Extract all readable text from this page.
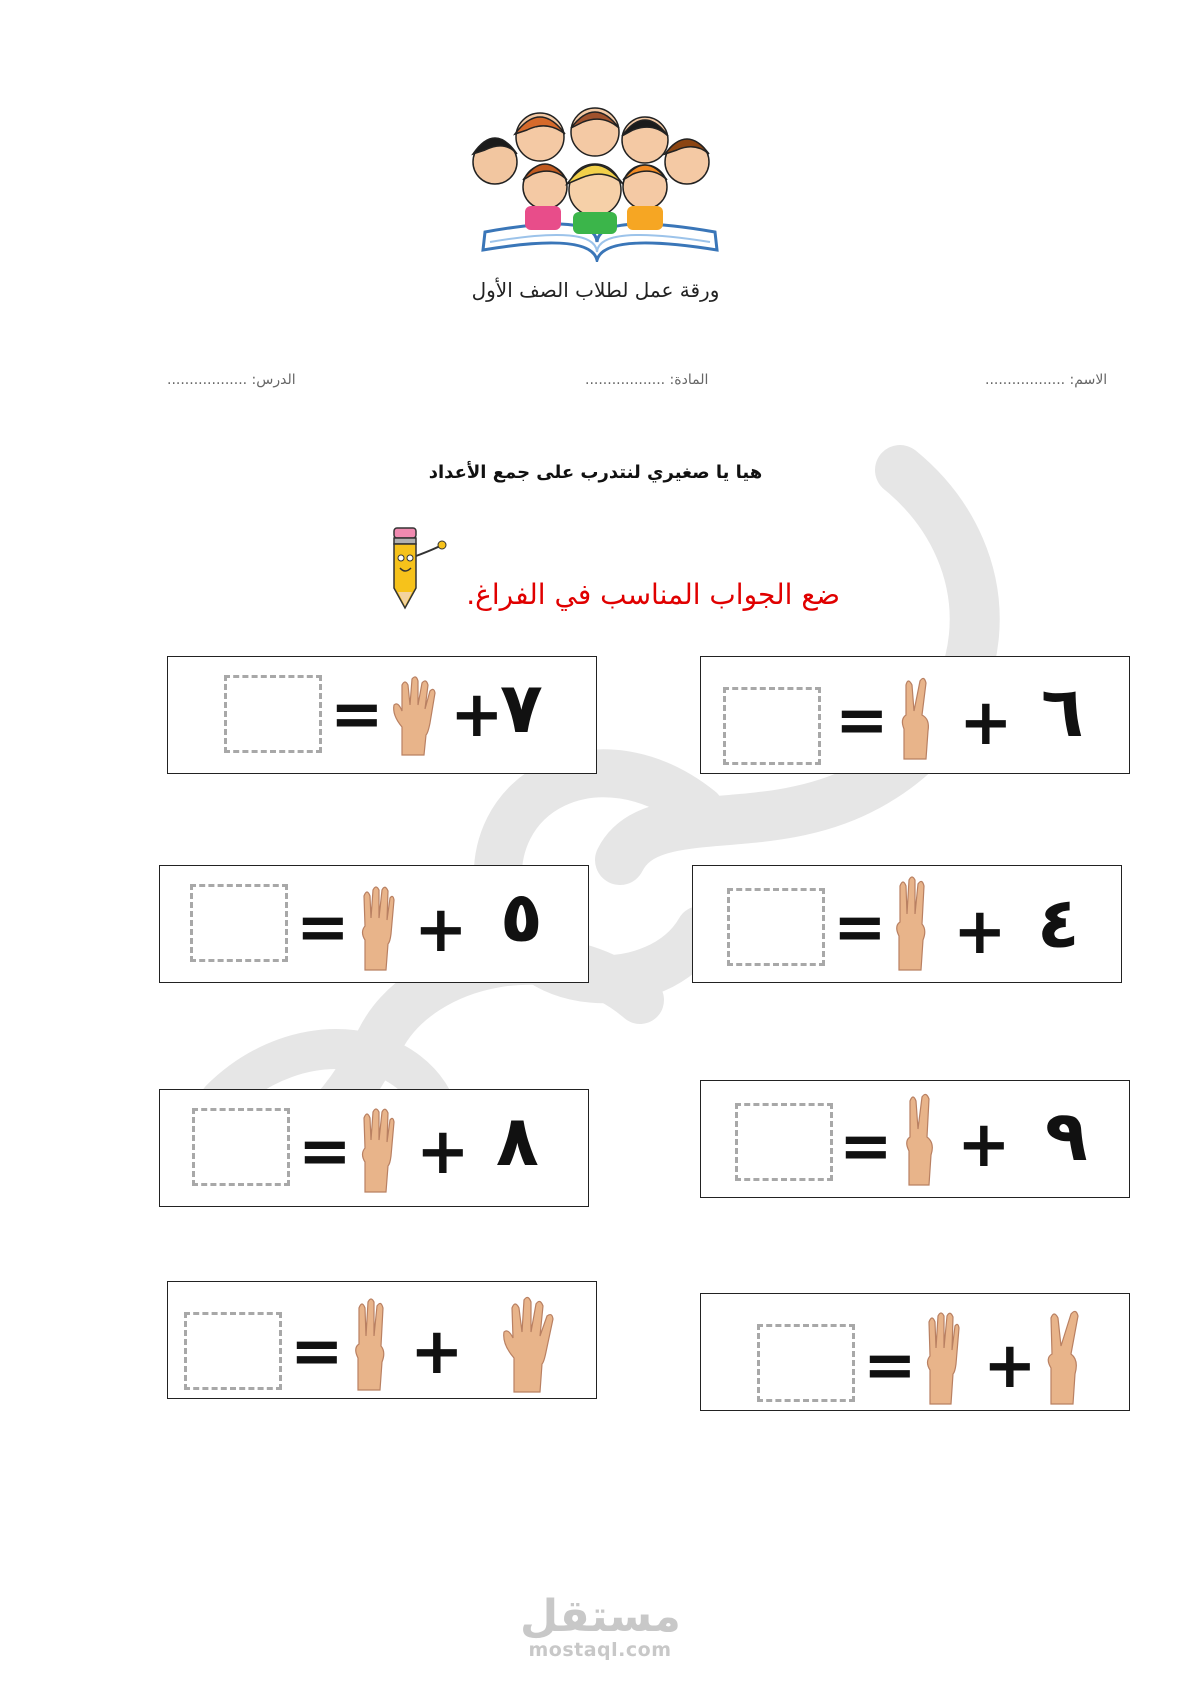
ورقة عمل لطلاب الصف الأول
الاسم: ..................
المادة: ..................
الدرس: ..................
هيا يا صغيري لنتدرب على جمع الأعداد
ضع الجواب المناسب في الفراغ.
= + ٦
= +
٧
= + ٤
= + ٥
= + ٩
= + ٨
= +
= +
مستقل
mostaql.com
